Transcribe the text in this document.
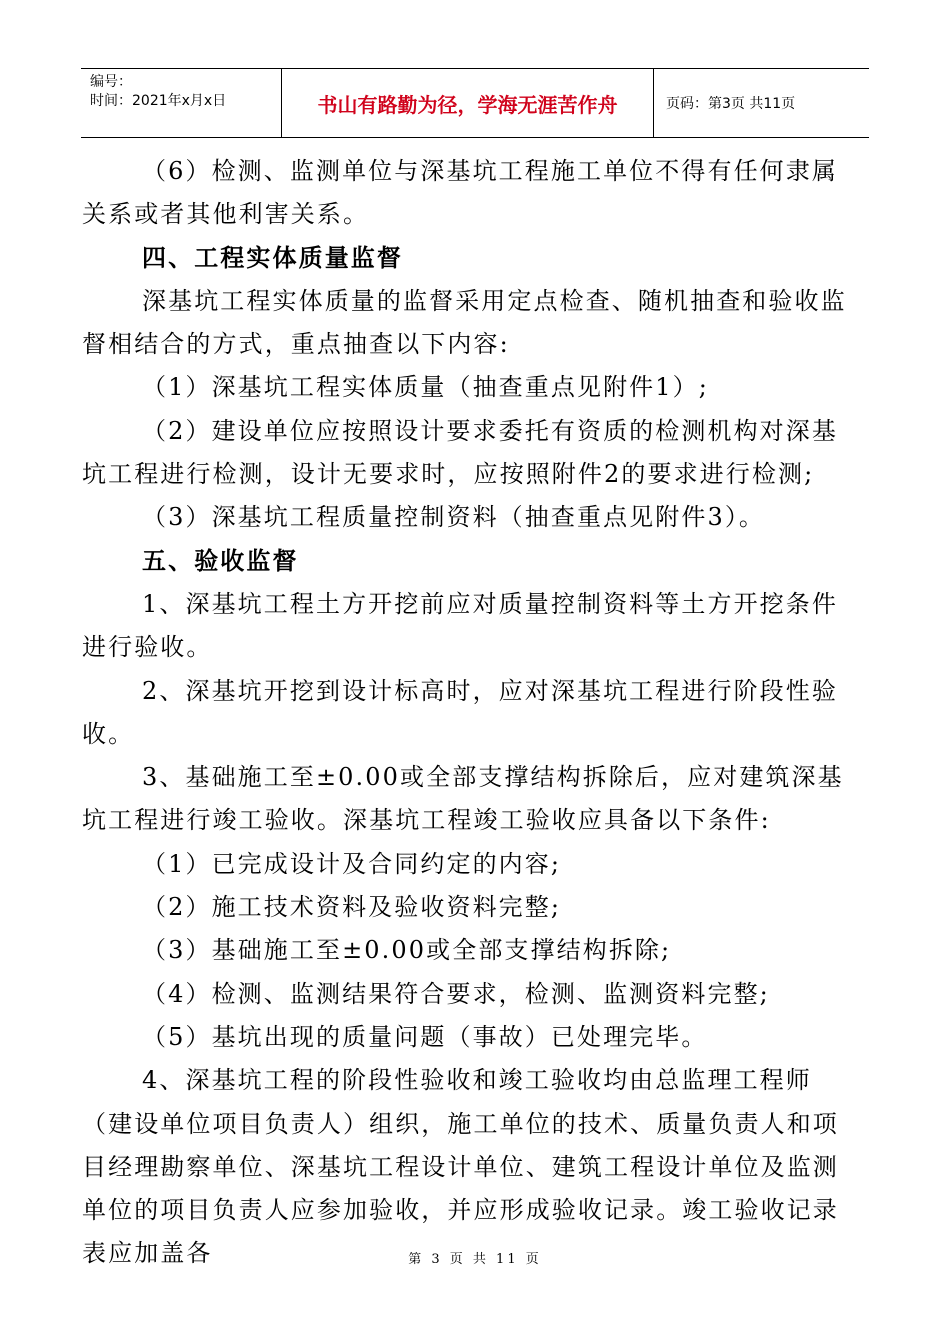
编号：
时间：2021年x月x日	书山有路勤为径，学海无涯苦作舟	页码：第3页 共11页

（6）检测、监测单位与深基坑工程施工单位不得有任何隶属关系或者其他利害关系。

四、工程实体质量监督

深基坑工程实体质量的监督采用定点检查、随机抽查和验收监督相结合的方式，重点抽查以下内容:

（1）深基坑工程实体质量（抽查重点见附件1）;

（2）建设单位应按照设计要求委托有资质的检测机构对深基坑工程进行检测，设计无要求时，应按照附件2的要求进行检测;

（3）深基坑工程质量控制资料（抽查重点见附件3）。

五、验收监督

1、深基坑工程土方开挖前应对质量控制资料等土方开挖条件进行验收。

2、深基坑开挖到设计标高时，应对深基坑工程进行阶段性验收。

3、基础施工至±0.00或全部支撑结构拆除后，应对建筑深基坑工程进行竣工验收。深基坑工程竣工验收应具备以下条件:

（1）已完成设计及合同约定的内容;

（2）施工技术资料及验收资料完整;

（3）基础施工至±0.00或全部支撑结构拆除;

（4）检测、监测结果符合要求，检测、监测资料完整;

（5）基坑出现的质量问题（事故）已处理完毕。

4、深基坑工程的阶段性验收和竣工验收均由总监理工程师（建设单位项目负责人）组织，施工单位的技术、质量负责人和项目经理勘察单位、深基坑工程设计单位、建筑工程设计单位及监测单位的项目负责人应参加验收，并应形成验收记录。竣工验收记录表应加盖各	第 3 页 共 11 页
